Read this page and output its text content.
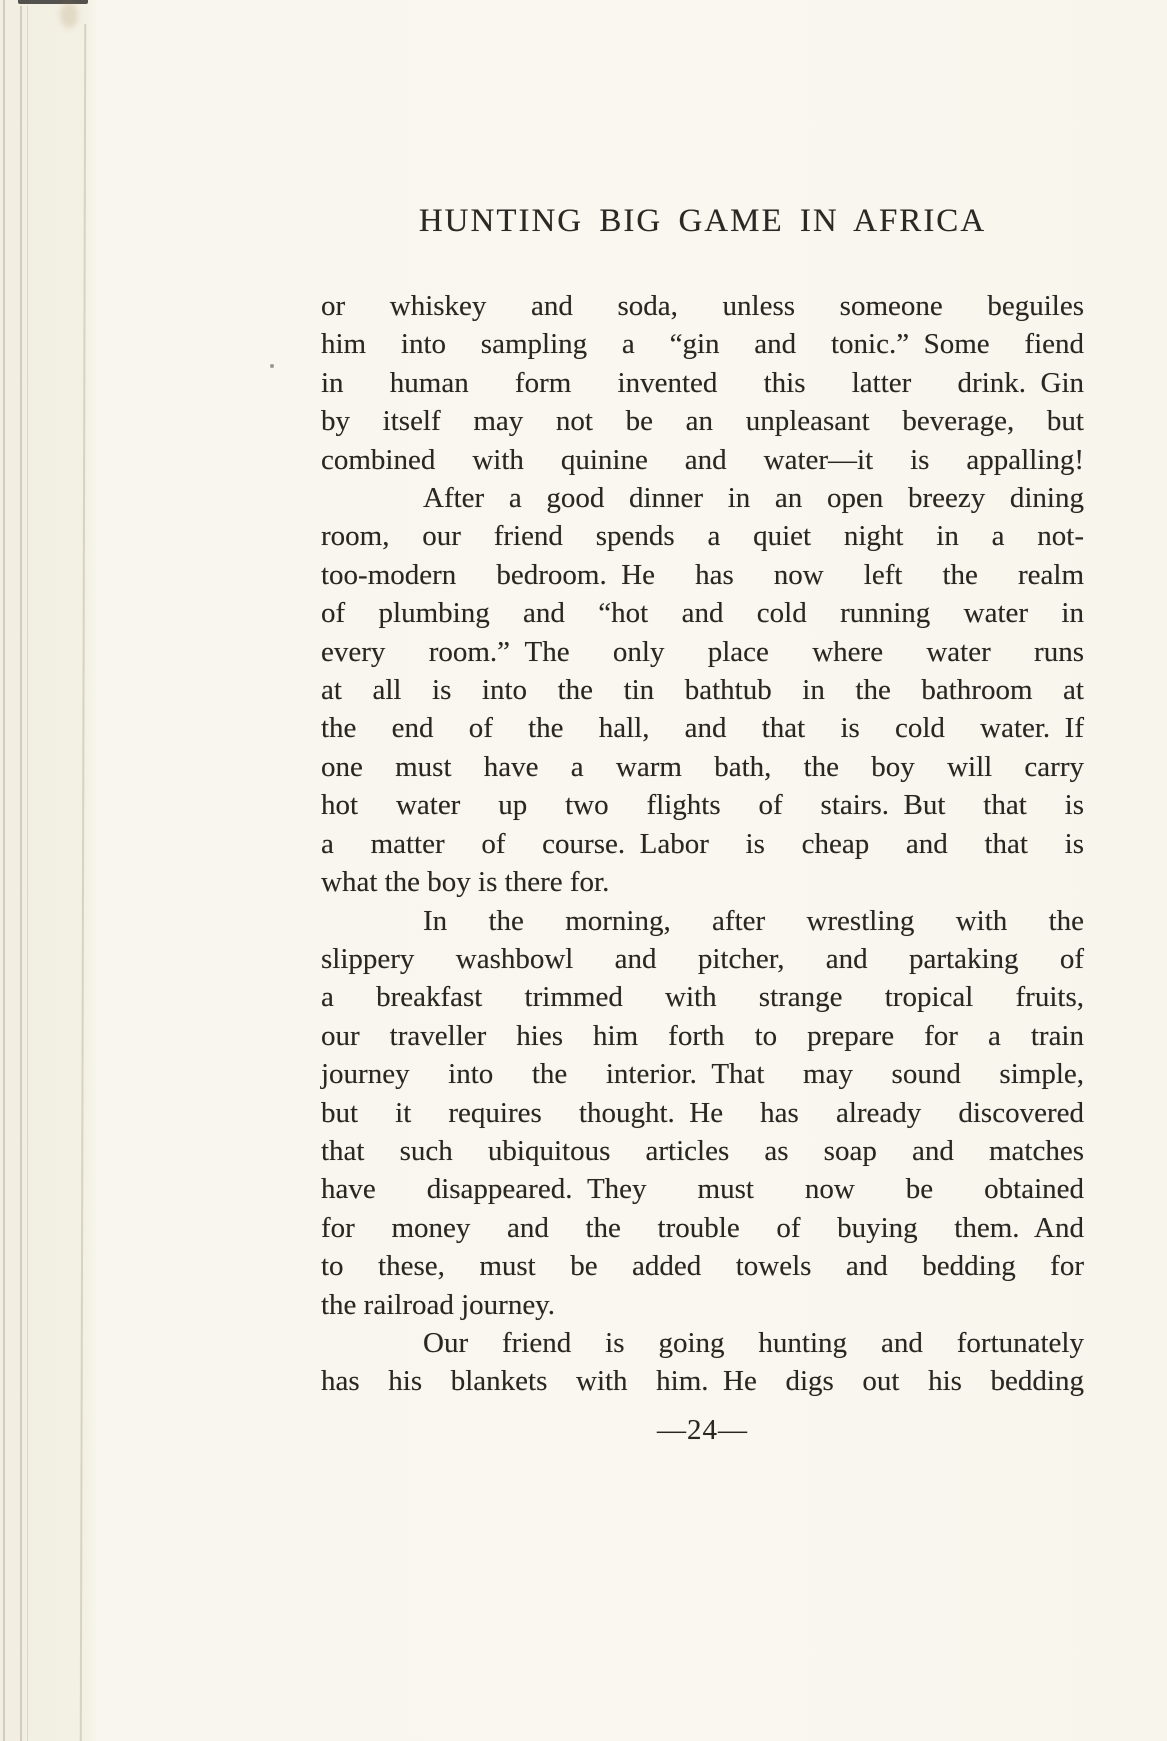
HUNTING BIG GAME IN AFRICA
or whiskey and soda, unless someone beguiles
him into sampling a “gin and tonic.” Some fiend
in human form invented this latter drink. Gin
by itself may not be an unpleasant beverage, but
combined with quinine and water—it is appalling!
After a good dinner in an open breezy dining
room, our friend spends a quiet night in a not-
too-modern bedroom. He has now left the realm
of plumbing and “hot and cold running water in
every room.” The only place where water runs
at all is into the tin bathtub in the bathroom at
the end of the hall, and that is cold water. If
one must have a warm bath, the boy will carry
hot water up two flights of stairs. But that is
a matter of course. Labor is cheap and that is
what the boy is there for.
In the morning, after wrestling with the
slippery washbowl and pitcher, and partaking of
a breakfast trimmed with strange tropical fruits,
our traveller hies him forth to prepare for a train
journey into the interior. That may sound simple,
but it requires thought. He has already discovered
that such ubiquitous articles as soap and matches
have disappeared. They must now be obtained
for money and the trouble of buying them. And
to these, must be added towels and bedding for
the railroad journey.
Our friend is going hunting and fortunately
has his blankets with him. He digs out his bedding
—24—
